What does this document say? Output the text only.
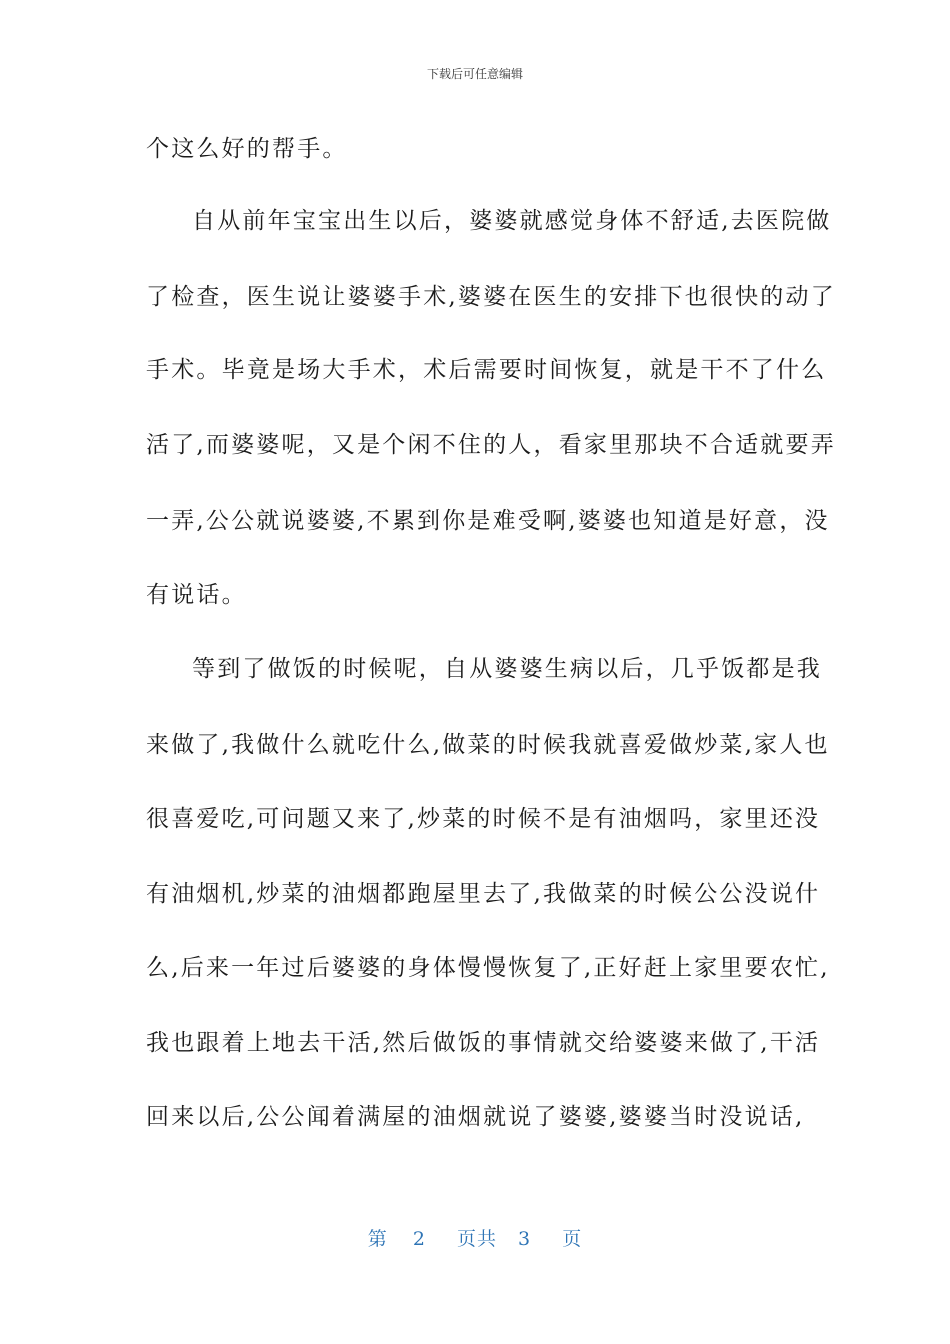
下载后可任意编辑
个这么好的帮手。
自从前年宝宝出生以后，婆婆就感觉身体不舒适,去医院做
了检查，医生说让婆婆手术,婆婆在医生的安排下也很快的动了
手术。毕竟是场大手术，术后需要时间恢复，就是干不了什么
活了,而婆婆呢，又是个闲不住的人，看家里那块不合适就要弄
一弄,公公就说婆婆,不累到你是难受啊,婆婆也知道是好意，没
有说话。
等到了做饭的时候呢，自从婆婆生病以后，几乎饭都是我
来做了,我做什么就吃什么,做菜的时候我就喜爱做炒菜,家人也
很喜爱吃,可问题又来了,炒菜的时候不是有油烟吗，家里还没
有油烟机,炒菜的油烟都跑屋里去了,我做菜的时候公公没说什
么,后来一年过后婆婆的身体慢慢恢复了,正好赶上家里要农忙,
我也跟着上地去干活,然后做饭的事情就交给婆婆来做了,干活
回来以后,公公闻着满屋的油烟就说了婆婆,婆婆当时没说话,
第 2 页共 3 页
